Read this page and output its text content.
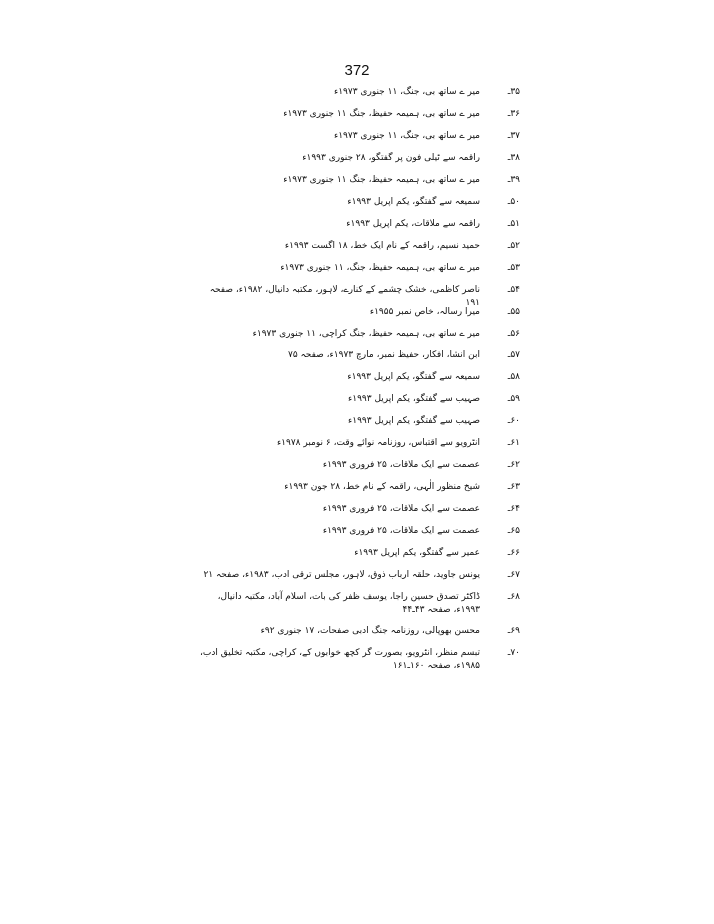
372
۳۵ـ
میر ے ساتھ بی، جنگ، ۱۱ جنوری ۱۹۷۳ء
۳۶ـ
میر ے ساتھ بی، ہمیمہ حفیظ، جنگ ۱۱ جنوری ۱۹۷۳ء
۳۷ـ
میر ے ساتھ بی، جنگ، ۱۱ جنوری ۱۹۷۳ء
۳۸ـ
راقمہ سے ٹیلی فون پر گفتگو، ۲۸ جنوری ۱۹۹۳ء
۳۹ـ
میر ے ساتھ بی، ہمیمہ حفیظ، جنگ ۱۱ جنوری ۱۹۷۳ء
۵۰ـ
سمیعہ سے گفتگو، یکم اپریل ۱۹۹۳ء
۵۱ـ
راقمہ سے ملاقات، یکم اپریل ۱۹۹۳ء
۵۲ـ
حمید نسیم، راقمہ کے نام ایک خط، ۱۸ اگست ۱۹۹۳ء
۵۳ـ
میر ے ساتھ بی، ہمیمہ حفیظ، جنگ، ۱۱ جنوری ۱۹۷۳ء
۵۴ـ
ناصر کاظمی، خشک چشمے کے کنارے، لاہور، مکتبہ دانیال، ۱۹۸۲ء، صفحہ ۱۹۱
۵۵ـ
میرا رسالہ، خاص نمبر ۱۹۵۵ء
۵۶ـ
میر ے ساتھ بی، ہمیمہ حفیظ، جنگ کراچی، ۱۱ جنوری ۱۹۷۳ء
۵۷ـ
ابن انشا، افکار، حفیظ نمبر، مارچ ۱۹۷۳ء، صفحہ ۷۵
۵۸ـ
سمیعہ سے گفتگو، یکم اپریل ۱۹۹۳ء
۵۹ـ
صہیب سے گفتگو، یکم اپریل ۱۹۹۳ء
۶۰ـ
صہیب سے گفتگو، یکم اپریل ۱۹۹۳ء
۶۱ـ
انٹرویو سے اقتباس، روزنامہ نوائے وقت، ۶ نومبر ۱۹۷۸ء
۶۲ـ
عصمت سے ایک ملاقات، ۲۵ فروری ۱۹۹۳ء
۶۳ـ
شیخ منظور الٰہی، راقمہ کے نام خط، ۲۸ جون ۱۹۹۳ء
۶۴ـ
عصمت سے ایک ملاقات، ۲۵ فروری ۱۹۹۳ء
۶۵ـ
عصمت سے ایک ملاقات، ۲۵ فروری ۱۹۹۳ء
۶۶ـ
عمیر سے گفتگو، یکم اپریل ۱۹۹۳ء
۶۷ـ
یونس جاوید، حلقہ ارباب ذوق، لاہور، مجلس ترقی ادب، ۱۹۸۳ء، صفحہ ۲۱
۶۸ـ
ڈاکٹر تصدق حسین راجا، یوسف ظفر کی بات، اسلام آباد، مکتبہ دانیال، ۱۹۹۳ء، صفحہ ۴۳ـ۴۴
۶۹ـ
محسن بھوپالی، روزنامہ جنگ ادبی صفحات، ۱۷ جنوری ۹۲ء
۷۰ـ
تبسم منظر، انٹرویو، بصورت گر کچھ خوابوں کے، کراچی، مکتبہ تخلیق ادب، ۱۹۸۵ء، صفحہ ۱۶۰ـ۱۶۱
